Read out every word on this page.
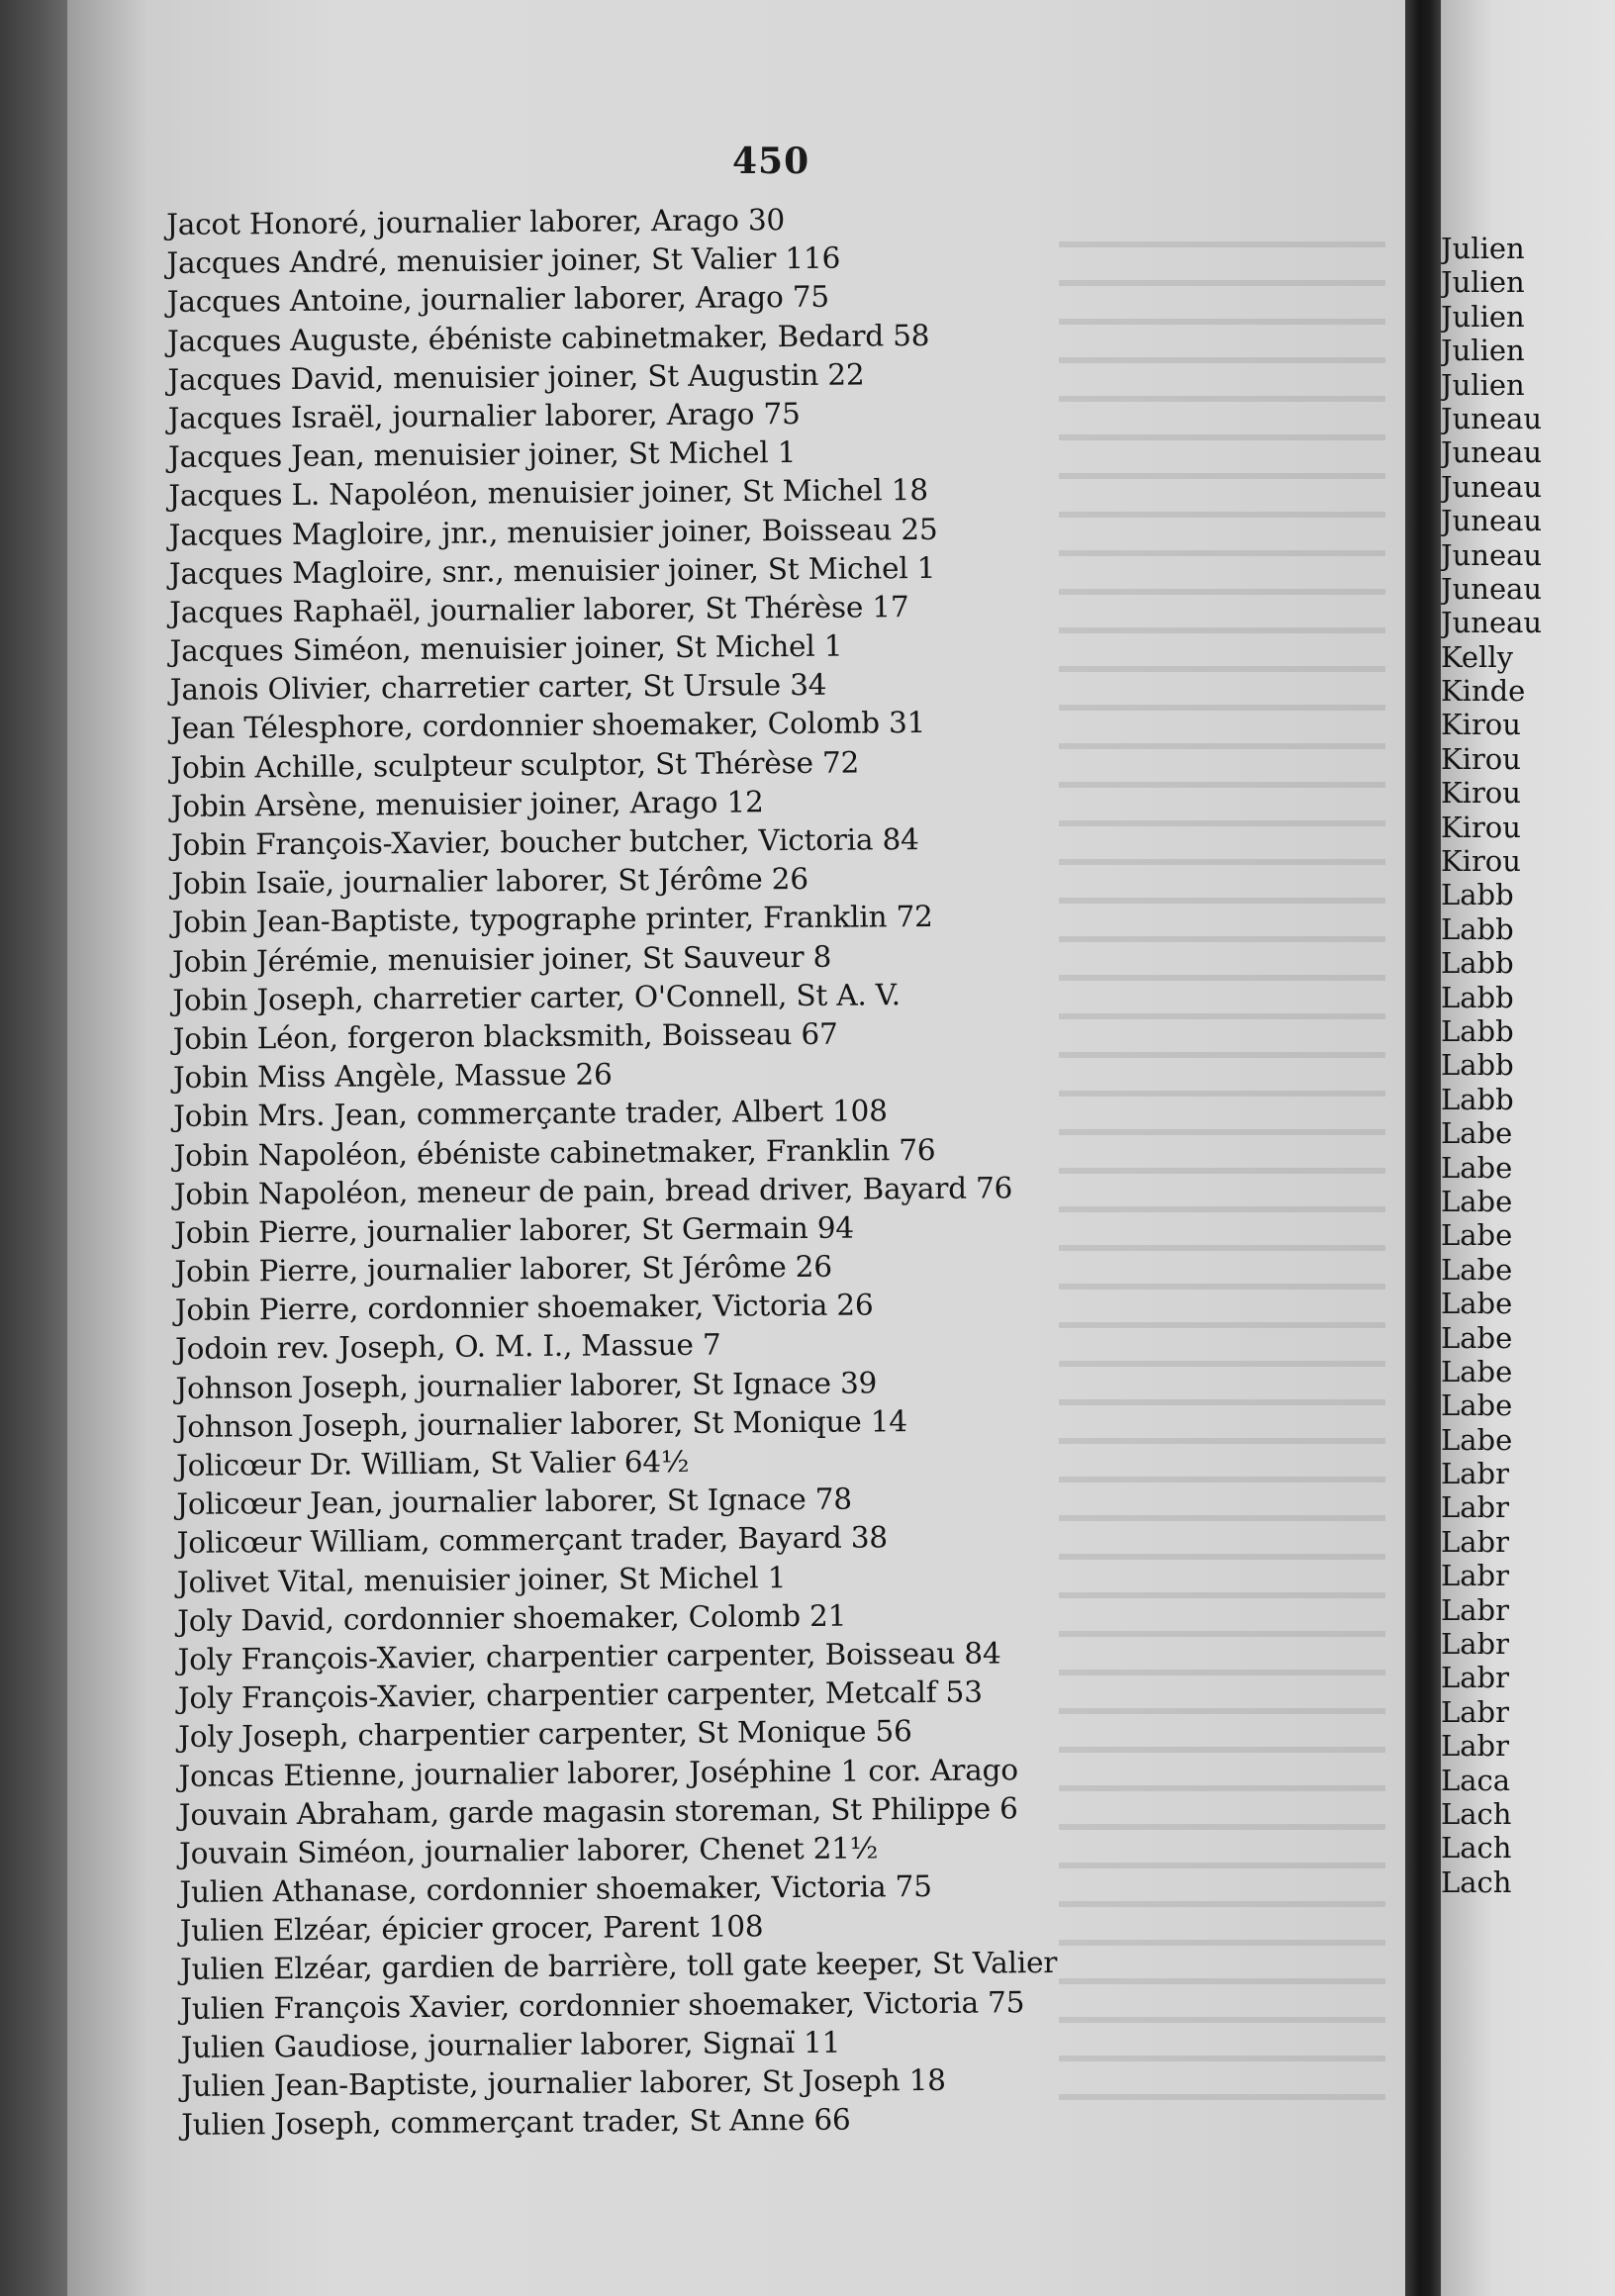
450
Jacot Honoré, journalier laborer, Arago 30
Jacques André, menuisier joiner, St Valier 116
Jacques Antoine, journalier laborer, Arago 75
Jacques Auguste, ébéniste cabinetmaker, Bedard 58
Jacques David, menuisier joiner, St Augustin 22
Jacques Israël, journalier laborer, Arago 75
Jacques Jean, menuisier joiner, St Michel 1
Jacques L. Napoléon, menuisier joiner, St Michel 18
Jacques Magloire, jnr., menuisier joiner, Boisseau 25
Jacques Magloire, snr., menuisier joiner, St Michel 1
Jacques Raphaël, journalier laborer, St Thérèse 17
Jacques Siméon, menuisier joiner, St Michel 1
Janois Olivier, charretier carter, St Ursule 34
Jean Télesphore, cordonnier shoemaker, Colomb 31
Jobin Achille, sculpteur sculptor, St Thérèse 72
Jobin Arsène, menuisier joiner, Arago 12
Jobin François-Xavier, boucher butcher, Victoria 84
Jobin Isaïe, journalier laborer, St Jérôme 26
Jobin Jean-Baptiste, typographe printer, Franklin 72
Jobin Jérémie, menuisier joiner, St Sauveur 8
Jobin Joseph, charretier carter, O'Connell, St A. V.
Jobin Léon, forgeron blacksmith, Boisseau 67
Jobin Miss Angèle, Massue 26
Jobin Mrs. Jean, commerçante trader, Albert 108
Jobin Napoléon, ébéniste cabinetmaker, Franklin 76
Jobin Napoléon, meneur de pain, bread driver, Bayard 76
Jobin Pierre, journalier laborer, St Germain 94
Jobin Pierre, journalier laborer, St Jérôme 26
Jobin Pierre, cordonnier shoemaker, Victoria 26
Jodoin rev. Joseph, O. M. I., Massue 7
Johnson Joseph, journalier laborer, St Ignace 39
Johnson Joseph, journalier laborer, St Monique 14
Jolicœur Dr. William, St Valier 64½
Jolicœur Jean, journalier laborer, St Ignace 78
Jolicœur William, commerçant trader, Bayard 38
Jolivet Vital, menuisier joiner, St Michel 1
Joly David, cordonnier shoemaker, Colomb 21
Joly François-Xavier, charpentier carpenter, Boisseau 84
Joly François-Xavier, charpentier carpenter, Metcalf 53
Joly Joseph, charpentier carpenter, St Monique 56
Joncas Etienne, journalier laborer, Joséphine 1 cor. Arago
Jouvain Abraham, garde magasin storeman, St Philippe 6
Jouvain Siméon, journalier laborer, Chenet 21½
Julien Athanase, cordonnier shoemaker, Victoria 75
Julien Elzéar, épicier grocer, Parent 108
Julien Elzéar, gardien de barrière, toll gate keeper, St Valier
Julien François Xavier, cordonnier shoemaker, Victoria 75
Julien Gaudiose, journalier laborer, Signaï 11
Julien Jean-Baptiste, journalier laborer, St Joseph 18
Julien Joseph, commerçant trader, St Anne 66
Julien
Julien
Julien
Julien
Julien
Juneau
Juneau
Juneau
Juneau
Juneau
Juneau
Juneau
Kelly
Kinde
Kirou
Kirou
Kirou
Kirou
Kirou
Labb
Labb
Labb
Labb
Labb
Labb
Labb
Labe
Labe
Labe
Labe
Labe
Labe
Labe
Labe
Labe
Labe
Labr
Labr
Labr
Labr
Labr
Labr
Labr
Labr
Labr
Laca
Lach
Lach
Lach
